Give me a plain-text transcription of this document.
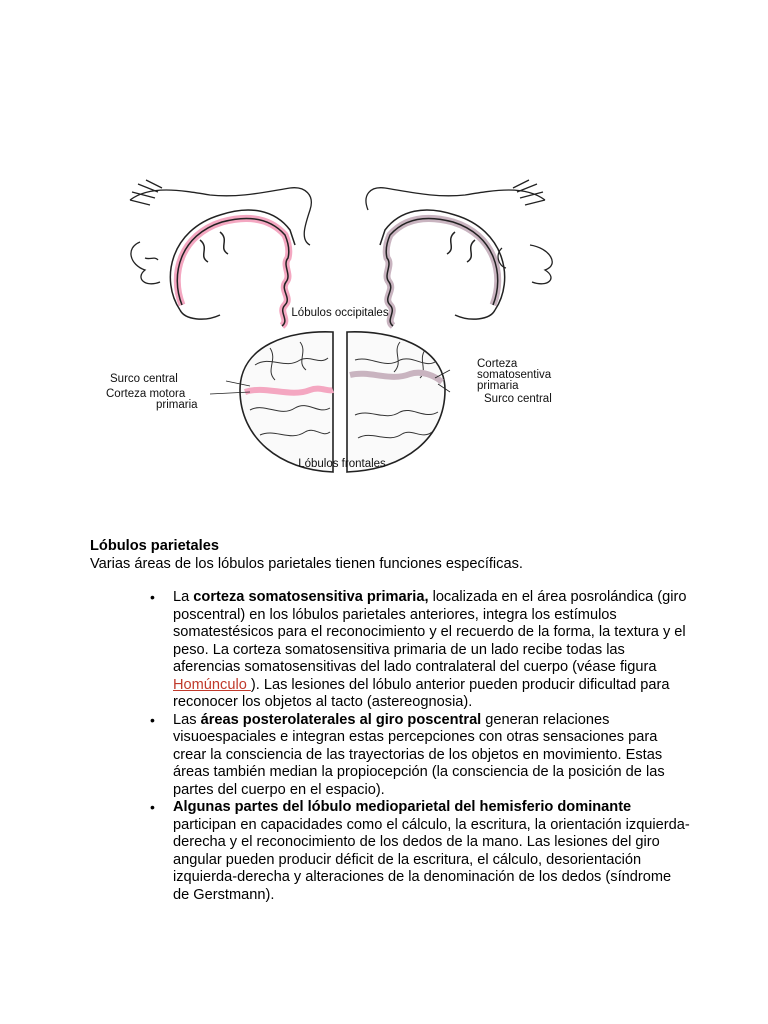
Lóbulos occipitales
Lóbulos frontales
Surco central
Corteza motora
primaria
Corteza
somatosentiva
primaria
Surco central

Lóbulos parietales

Varias áreas de los lóbulos parietales tienen funciones específicas.

• La corteza somatosensitiva primaria, localizada en el área posrolándica (giro poscentral) en los lóbulos parietales anteriores, integra los estímulos somatestésicos para el reconocimiento y el recuerdo de la forma, la textura y el peso. La corteza somatosensitiva primaria de un lado recibe todas las aferencias somatosensitivas del lado contralateral del cuerpo (véase figura Homúnculo ). Las lesiones del lóbulo anterior pueden producir dificultad para reconocer los objetos al tacto (astereognosia).
• Las áreas posterolaterales al giro poscentral generan relaciones visuoespaciales e integran estas percepciones con otras sensaciones para crear la consciencia de las trayectorias de los objetos en movimiento. Estas áreas también median la propiocepción (la consciencia de la posición de las partes del cuerpo en el espacio).
• Algunas partes del lóbulo medioparietal del hemisferio dominante participan en capacidades como el cálculo, la escritura, la orientación izquierda-derecha y el reconocimiento de los dedos de la mano. Las lesiones del giro angular pueden producir déficit de la escritura, el cálculo, desorientación izquierda-derecha y alteraciones de la denominación de los dedos (síndrome de Gerstmann).
